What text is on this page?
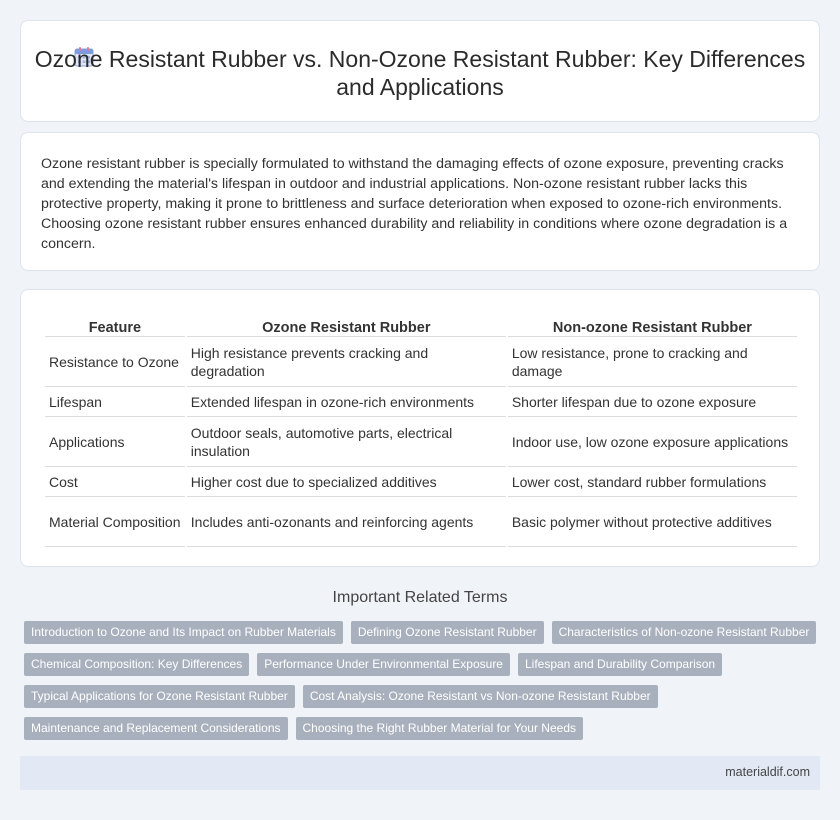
Ozone Resistant Rubber vs. Non-Ozone Resistant Rubber: Key Differences and Applications

Ozone resistant rubber is specially formulated to withstand the damaging effects of ozone exposure, preventing cracks and extending the material's lifespan in outdoor and industrial applications. Non-ozone resistant rubber lacks this protective property, making it prone to brittleness and surface deterioration when exposed to ozone-rich environments. Choosing ozone resistant rubber ensures enhanced durability and reliability in conditions where ozone degradation is a concern.

Feature	Ozone Resistant Rubber	Non-ozone Resistant Rubber
Resistance to Ozone	High resistance prevents cracking and degradation	Low resistance, prone to cracking and damage
Lifespan	Extended lifespan in ozone-rich environments	Shorter lifespan due to ozone exposure
Applications	Outdoor seals, automotive parts, electrical insulation	Indoor use, low ozone exposure applications
Cost	Higher cost due to specialized additives	Lower cost, standard rubber formulations
Material Composition	Includes anti-ozonants and reinforcing agents	Basic polymer without protective additives
Important Related Terms
Introduction to Ozone and Its Impact on Rubber Materials	Defining Ozone Resistant Rubber	Characteristics of Non-ozone Resistant Rubber
Chemical Composition: Key Differences	Performance Under Environmental Exposure	Lifespan and Durability Comparison
Typical Applications for Ozone Resistant Rubber	Cost Analysis: Ozone Resistant vs Non-ozone Resistant Rubber
Maintenance and Replacement Considerations	Choosing the Right Rubber Material for Your Needs
materialdif.com
